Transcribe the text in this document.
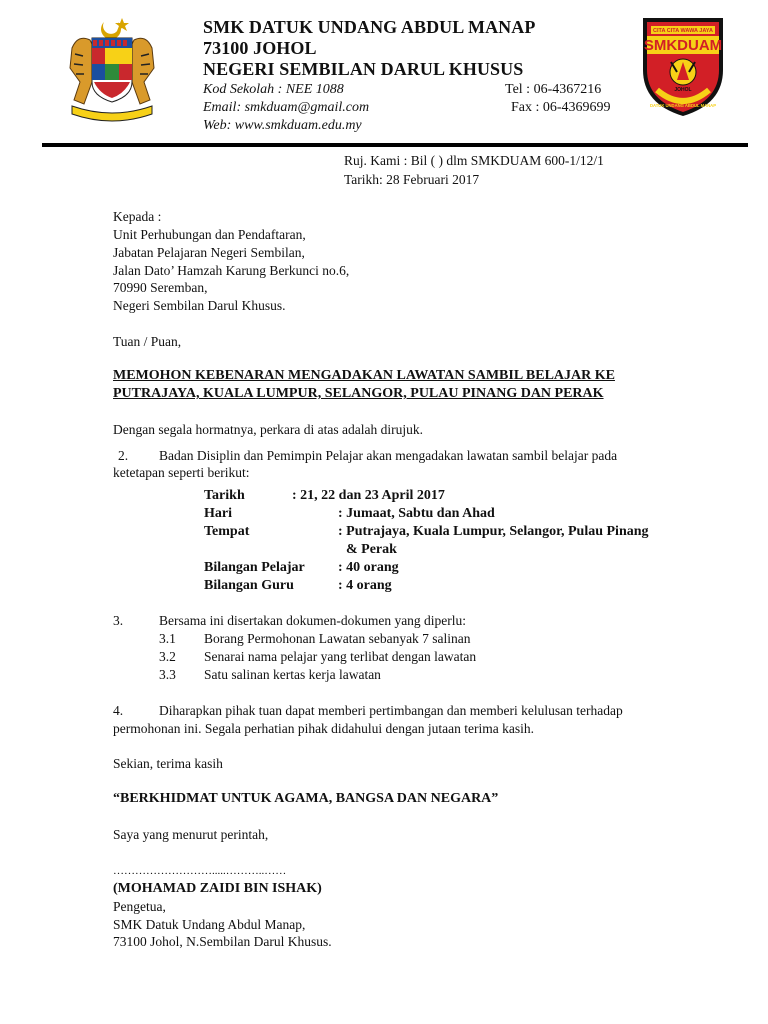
SMK DATUK UNDANG ABDUL MANAP
73100 JOHOL
NEGERI SEMBILAN DARUL KHUSUS
Kod Sekolah : NEE 1088
Email: smkduam@gmail.com
Web: www.smkduam.edu.my
Tel : 06-4367216
Fax : 06-4369699
CITA CITA WAWA JAYA
SMKDUAM
JOHOL
DATUK UNDANG ABDUL MANAP
Ruj. Kami : Bil ( ) dlm SMKDUAM 600-1/12/1
Tarikh: 28 Februari 2017
Kepada :
Unit Perhubungan dan Pendaftaran,
Jabatan Pelajaran Negeri Sembilan,
Jalan Dato’ Hamzah Karung Berkunci no.6,
70990 Seremban,
Negeri Sembilan Darul Khusus.
Tuan / Puan,
MEMOHON KEBENARAN MENGADAKAN LAWATAN SAMBIL BELAJAR KE
PUTRAJAYA, KUALA LUMPUR, SELANGOR, PULAU PINANG DAN PERAK
Dengan segala hormatnya, perkara di atas adalah dirujuk.
2. Badan Disiplin dan Pemimpin Pelajar akan mengadakan lawatan sambil belajar pada
ketetapan seperti berikut:
Tarikh	: 21, 22 dan 23 April 2017
Hari	: Jumaat, Sabtu dan Ahad
Tempat	: Putrajaya, Kuala Lumpur, Selangor, Pulau Pinang
& Perak
Bilangan Pelajar : 40 orang
Bilangan Guru	: 4 orang
3.	Bersama ini disertakan dokumen-dokumen yang diperlu:
3.1 Borang Permohonan Lawatan sebanyak 7 salinan
3.2 Senarai nama pelajar yang terlibat dengan lawatan
3.3 Satu salinan kertas kerja lawatan
4.	Diharapkan pihak tuan dapat memberi pertimbangan dan memberi kelulusan terhadap
permohonan ini. Segala perhatian pihak didahului dengan jutaan terima kasih.
Sekian, terima kasih
“BERKHIDMAT UNTUK AGAMA, BANGSA DAN NEGARA”
Saya yang menurut perintah,
……………………….....………..……
(MOHAMAD ZAIDI BIN ISHAK)
Pengetua,
SMK Datuk Undang Abdul Manap,
73100 Johol, N.Sembilan Darul Khusus.
